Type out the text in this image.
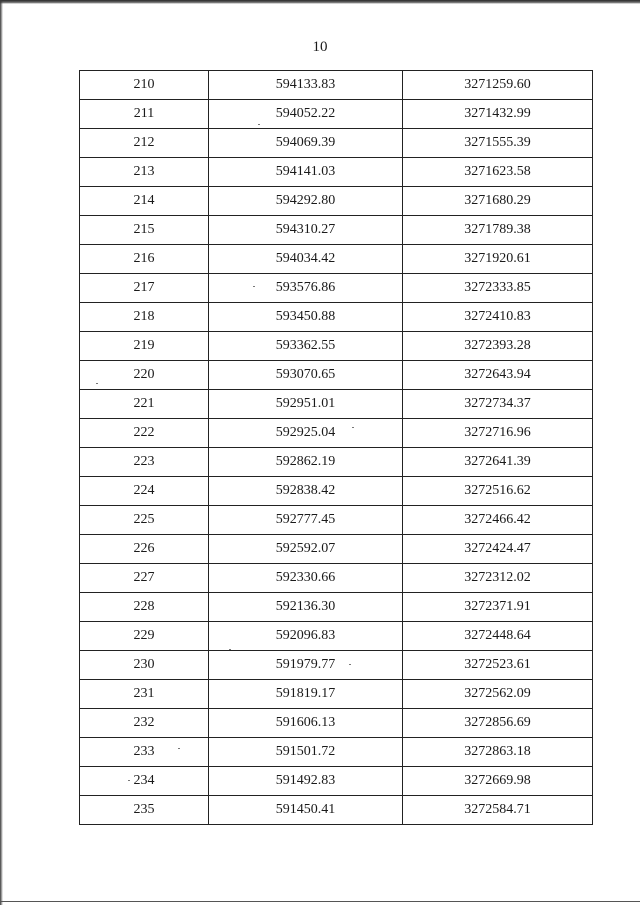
10
210	594133.83	3271259.60
211	594052.22	3271432.99
212	594069.39	3271555.39
213	594141.03	3271623.58
214	594292.80	3271680.29
215	594310.27	3271789.38
216	594034.42	3271920.61
217	593576.86	3272333.85
218	593450.88	3272410.83
219	593362.55	3272393.28
220	593070.65	3272643.94
221	592951.01	3272734.37
222	592925.04	3272716.96
223	592862.19	3272641.39
224	592838.42	3272516.62
225	592777.45	3272466.42
226	592592.07	3272424.47
227	592330.66	3272312.02
228	592136.30	3272371.91
229	592096.83	3272448.64
230	591979.77	3272523.61
231	591819.17	3272562.09
232	591606.13	3272856.69
233	591501.72	3272863.18
234	591492.83	3272669.98
235	591450.41	3272584.71
